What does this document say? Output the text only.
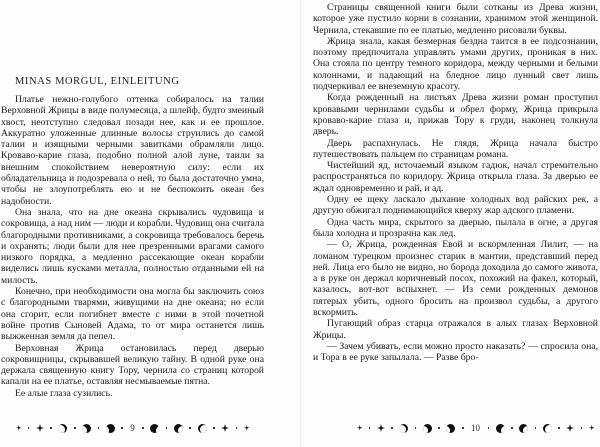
MINAS MORGUL, EINLEITUNG

Платье нежно-голубого оттенка собиралось на талии Верховной Жрицы в виде полумесяца, а шлейф, будто змеиный хвост, неотступно следовал позади нее, как и ее прошлое. Аккуратно уложенные длинные волосы струились до самой талии и изящными черными завитками обрамляли лицо. Кроваво-карие глаза, подобно полной алой луне, таили за внешним спокойствием невероятную силу: если их обладательница и подозревала о ней, то была достаточно умна, чтобы не злоупотреблять ею и не беспокоить океан без надобности.

Она знала, что на дне океана скрывались чудовища и сокровища, а над ним — люди и корабли. Чудовищ она считала благородными противниками, а сокровища требовалось беречь и охранять; люди были для нее презренными врагами самого низкого порядка, а медленно рассекающие океан корабли виделись лишь кусками металла, полностью отданными ей на милость.

Конечно, при необходимости она могла бы заключить союз с благородными тварями, живущими на дне океана; но если она сгорит, если погибнет вместе с ними в этой почетной войне против Сыновей Адама, то от мира останется лишь выжженная земля да пепел.

Верховная Жрица остановилась перед дверью сокровищницы, скрывавшей великую тайну. В одной руке она держала священную книгу Тору, чернила со страниц которой капали на ее платье, оставляя несмываемые пятна.

Ее алые глаза сузились.

9

Страницы священной книги были сотканы из Древа жизни, которое уже пустило корни в сознании, хранимом этой женщиной. Чернила, стекавшие по ее платью, медленно рисовали буквы.

Жрица знала, какая безмерная бездна таится в ее подсознании, поэтому предпочитала управлять умами других, проникая в них. Она стояла по центру темного коридора, между черными и белыми колоннами, и падающий на бледное лицо лунный свет лишь подчеркивал ее внеземную красоту.

Когда рожденный на листьях Древа жизни роман проступил кровавыми чернилами судьбы и обрел форму, Жрица прикрыла кроваво-карие глаза и, прижав Тору к груди, наконец толкнула дверь.

Дверь распахнулась. Не глядя, Жрица начала быстро путешествовать пальцем по страницам романа.

Чистейший яд, источаемый языком гадюк, начал стремительно распространяться по коридору. Жрица открыла глаза. За дверью ее ждал одновременно и рай, и ад.

Одну ее щеку ласкало дыхание холодных вод райских рек, а другую обжигал поднимающийся кверху жар адского пламени.

Одна часть мира, скрытого за дверью, пылала в огне, а другая была холодна и прозрачна как лед.

— О, Жрица, рожденная Евой и вскормленная Лилит, — на ломаном турецком произнес старик в мантии, представший перед ней. Лица его было не видно, но борода доходила до самого живота, а в руке он держал коричневый посох, похожий на факел, который, казалось, вот-вот вспыхнет. — Из семи рожденных демонов пятерых убить, одного бросить на произвол судьбы, а другого вскормить.

Пугающий образ старца отражался в алых глазах Верховной Жрицы.

— Зачем убивать, если можно просто наказать? — спросила она, и Тора в ее руке запылала. — Разве бро-

10
